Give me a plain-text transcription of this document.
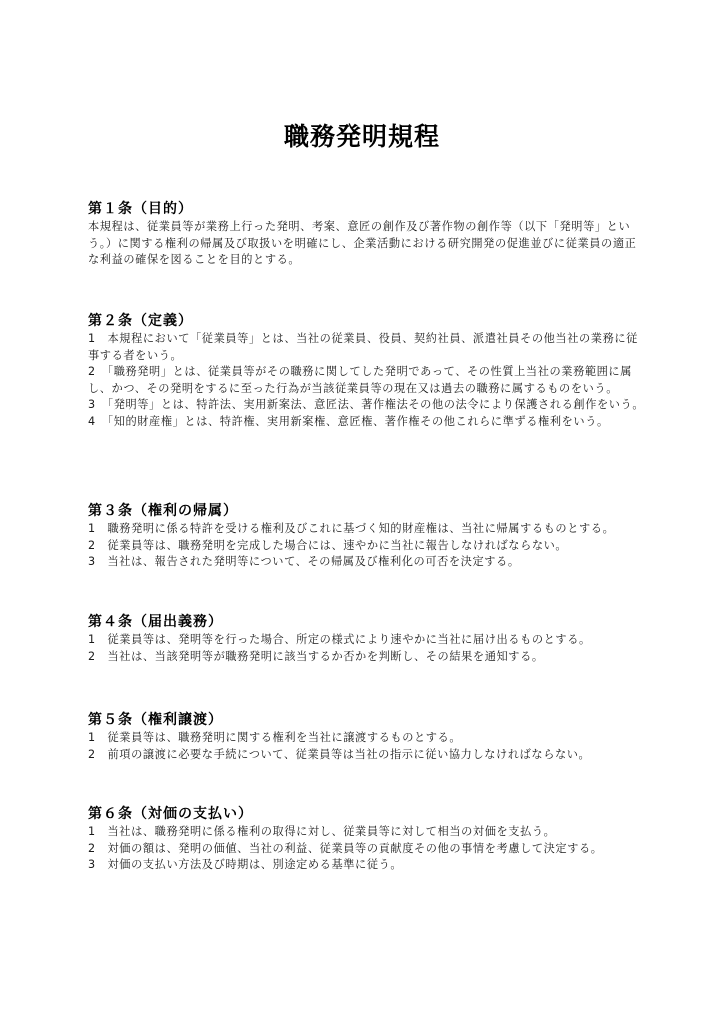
職務発明規程
第１条（目的）

本規程は、従業員等が業務上行った発明、考案、意匠の創作及び著作物の創作等（以下「発明等」という。）に関する権利の帰属及び取扱いを明確にし、企業活動における研究開発の促進並びに従業員の適正な利益の確保を図ることを目的とする。

第２条（定義）

1　本規程において「従業員等」とは、当社の従業員、役員、契約社員、派遣社員その他当社の業務に従事する者をいう。

2　「職務発明」とは、従業員等がその職務に関してした発明であって、その性質上当社の業務範囲に属し、かつ、その発明をするに至った行為が当該従業員等の現在又は過去の職務に属するものをいう。

3　「発明等」とは、特許法、実用新案法、意匠法、著作権法その他の法令により保護される創作をいう。

4　「知的財産権」とは、特許権、実用新案権、意匠権、著作権その他これらに準ずる権利をいう。

第３条（権利の帰属）

1　職務発明に係る特許を受ける権利及びこれに基づく知的財産権は、当社に帰属するものとする。

2　従業員等は、職務発明を完成した場合には、速やかに当社に報告しなければならない。

3　当社は、報告された発明等について、その帰属及び権利化の可否を決定する。

第４条（届出義務）

1　従業員等は、発明等を行った場合、所定の様式により速やかに当社に届け出るものとする。

2　当社は、当該発明等が職務発明に該当するか否かを判断し、その結果を通知する。

第５条（権利譲渡）

1　従業員等は、職務発明に関する権利を当社に譲渡するものとする。

2　前項の譲渡に必要な手続について、従業員等は当社の指示に従い協力しなければならない。

第６条（対価の支払い）

1　当社は、職務発明に係る権利の取得に対し、従業員等に対して相当の対価を支払う。

2　対価の額は、発明の価値、当社の利益、従業員等の貢献度その他の事情を考慮して決定する。

3　対価の支払い方法及び時期は、別途定める基準に従う。
